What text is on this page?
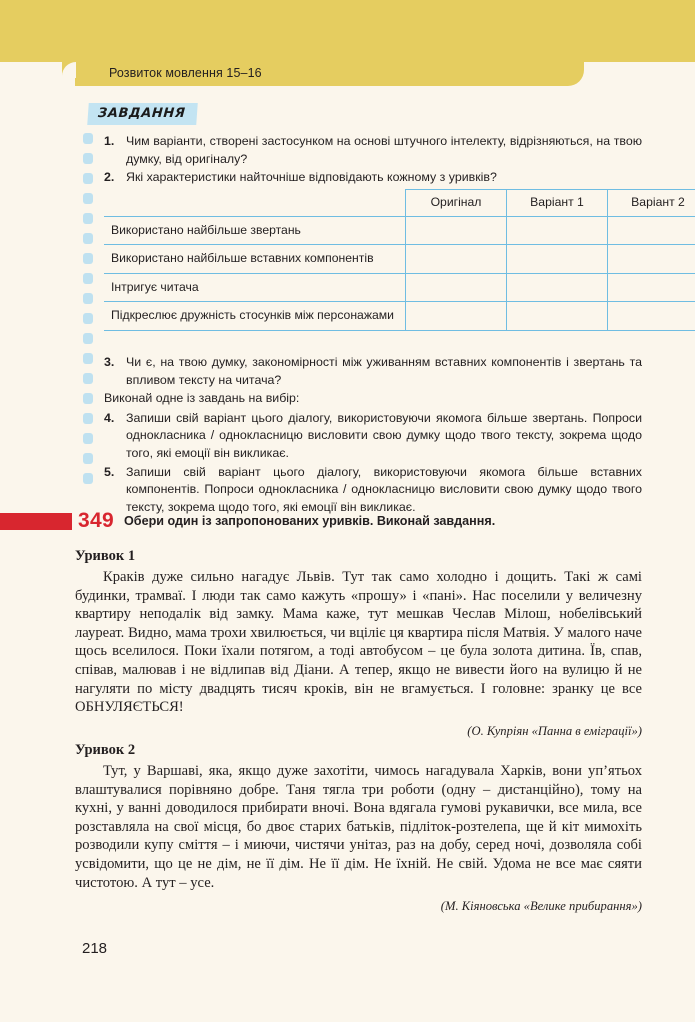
Розвиток мовлення 15–16
ЗАВДАННЯ
1. Чим варіанти, створені застосунком на основі штучного інтелекту, відрізняються, на твою думку, від оригіналу?
2. Які характеристики найточніше відповідають кожному з уривків?
	Оригінал	Варіант 1	Варіант 2
Використано найбільше звертань			
Використано найбільше вставних компонентів			
Інтригує читача			
Підкреслює дружність стосунків між персонажами			
3. Чи є, на твою думку, закономірності між уживанням вставних компонентів і звертань та впливом тексту на читача?
Виконай одне із завдань на вибір:
4. Запиши свій варіант цього діалогу, використовуючи якомога більше звертань. Попроси однокласника / однокласницю висловити свою думку щодо твого тексту, зокрема щодо того, які емоції він викликає.
5. Запиши свій варіант цього діалогу, використовуючи якомога більше вставних компонентів. Попроси однокласника / однокласницю висловити свою думку щодо твого тексту, зокрема щодо того, які емоції він викликає.
349 Обери один із запропонованих уривків. Виконай завдання.
Уривок 1

Краків дуже сильно нагадує Львів. Тут так само холодно і дощить. Такі ж самі будинки, трамваї. І люди так само кажуть «прошу» і «пані». Нас поселили у величезну квартиру неподалік від замку. Мама каже, тут мешкав Чеслав Мілош, нобелівський лауреат. Видно, мама трохи хвилюється, чи вцiліє ця квартира після Матвія. У малого наче щось вселилося. Поки їхали потягом, а тоді автобусом – це була золота дитина. Їв, спав, співав, малював і не відлипав від Діани. А тепер, якщо не вивести його на вулицю й не нагуляти по місту двадцять тисяч кроків, він не вгамується. І головне: зранку це все ОБНУЛЯЄТЬСЯ!

(О. Купріян «Панна в еміграції»)

Уривок 2

Тут, у Варшаві, яка, якщо дуже захотіти, чимось нагадувала Харків, вони уп’ятьох влаштувалися порівняно добре. Таня тягла три роботи (одну – дистанційно), тому на кухні, у ванні доводилося прибирати вночі. Вона вдягала гумові рукавички, все мила, все розставляла на свої місця, бо двоє старих батьків, підліток-розтелепа, ще й кіт мимохіть розводили купу сміття – і миючи, чистячи унітаз, раз на добу, серед ночі, дозволяла собі усвідомити, що це не дім, не її дім. Не її дім. Не їхній. Не свій. Удома не все має сяяти чистотою. А тут – усе.

(М. Кіяновська «Велике прибирання»)

218
